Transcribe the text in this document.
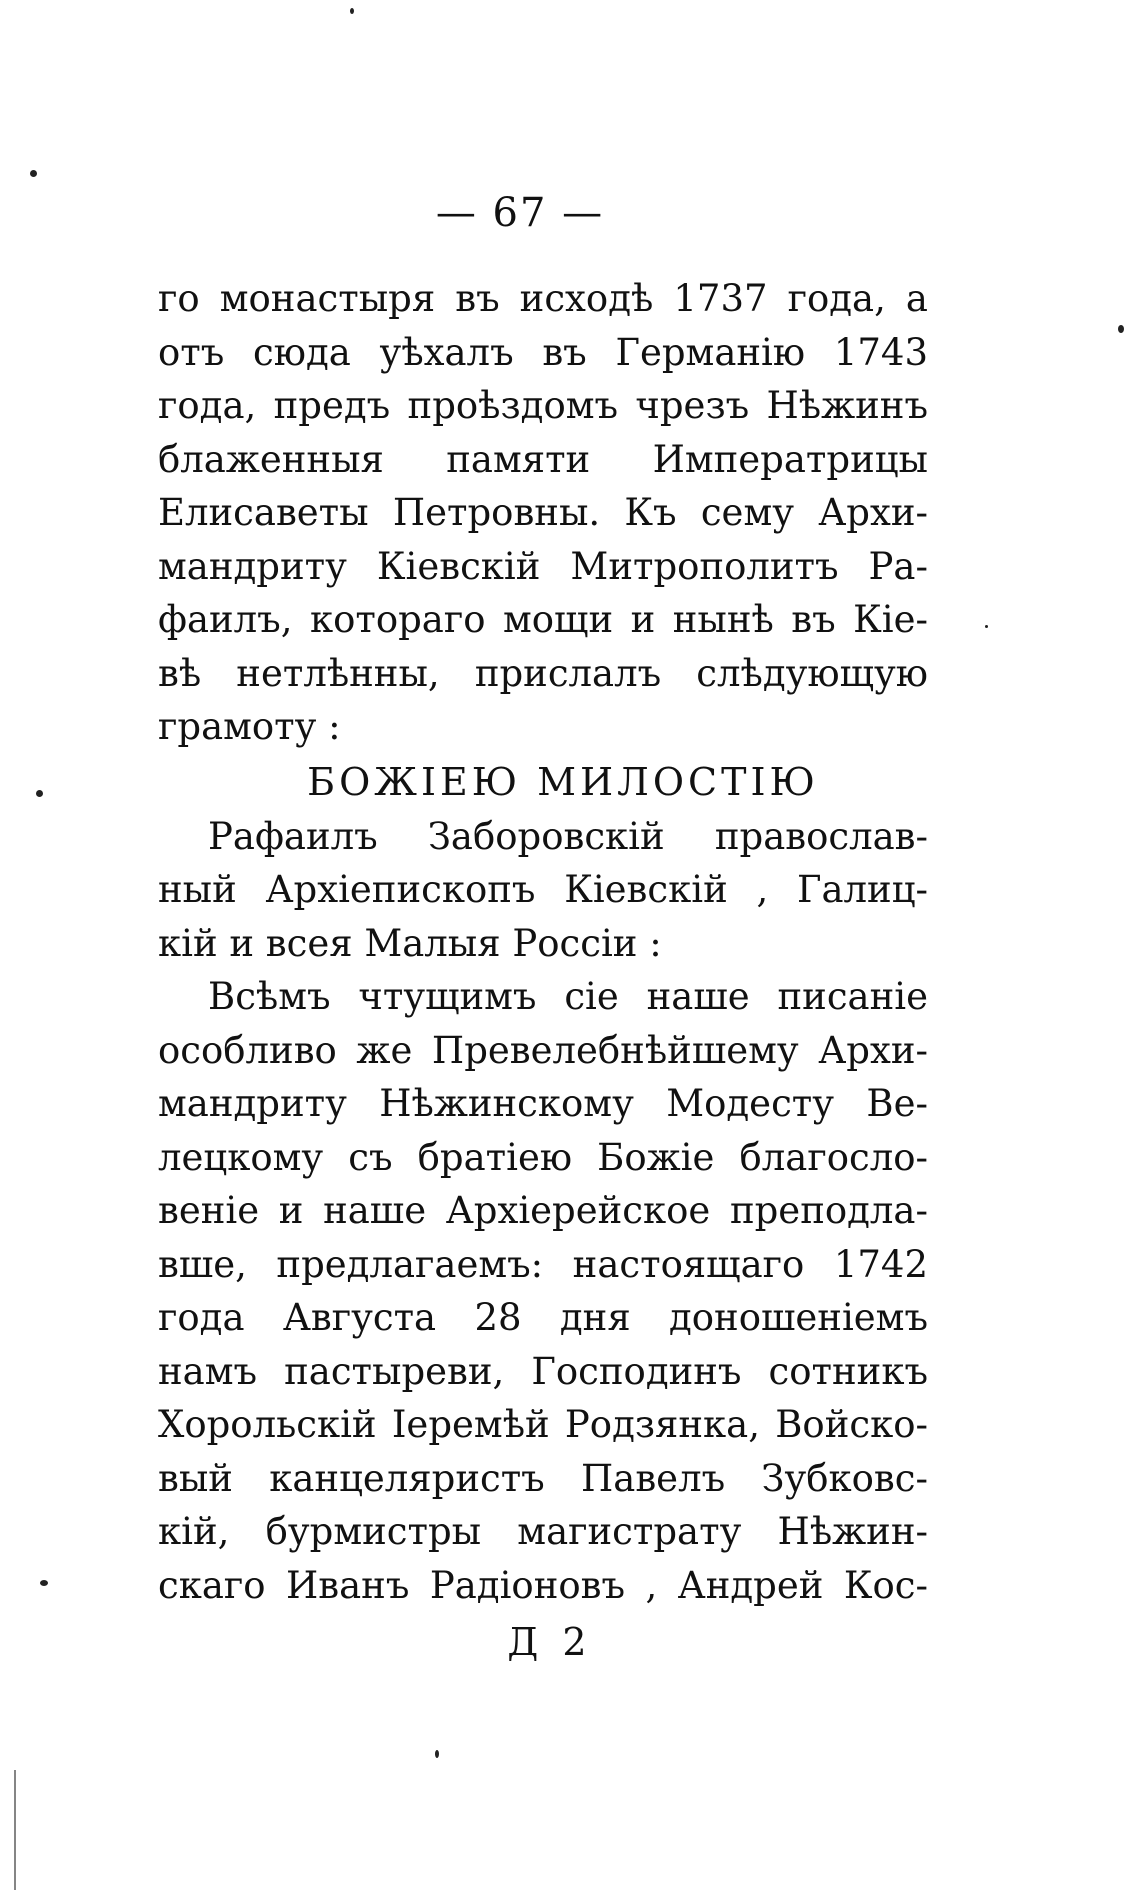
— 67 —
го монастыря въ исходѣ 1737 года, а
отъ сюда уѣхалъ въ Германію 1743
года, предъ проѣздомъ чрезъ Нѣжинъ
блаженныя памяти Императрицы
Елисаветы Петровны. Къ сему Архи-
мандриту Кіевскій Митрополитъ Ра-
фаилъ, котораго мощи и нынѣ въ Кіе-
вѣ нетлѣнны, прислалъ слѣдующую
грамоту :
БОЖІЕЮ МИЛОСТІЮ
Рафаилъ Заборовскій православ-
ный Архіепископъ Кіевскій , Галиц-
кій и всея Малыя Россіи :
Всѣмъ чтущимъ сіе наше писаніе
особливо же Превелебнѣйшему Архи-
мандриту Нѣжинскому Модесту Ве-
лецкому съ братіею Божіе благосло-
веніе и наше Архіерейское преподла-
вше, предлагаемъ: настоящаго 1742
года Августа 28 дня доношеніемъ
намъ пастыреви, Господинъ сотникъ
Хорольскій Іеремѣй Родзянка, Войско-
вый канцеляристъ Павелъ Зубковс-
кій, бурмистры магистрату Нѣжин-
скаго Иванъ Радіоновъ , Андрей Кос-
Д 2
